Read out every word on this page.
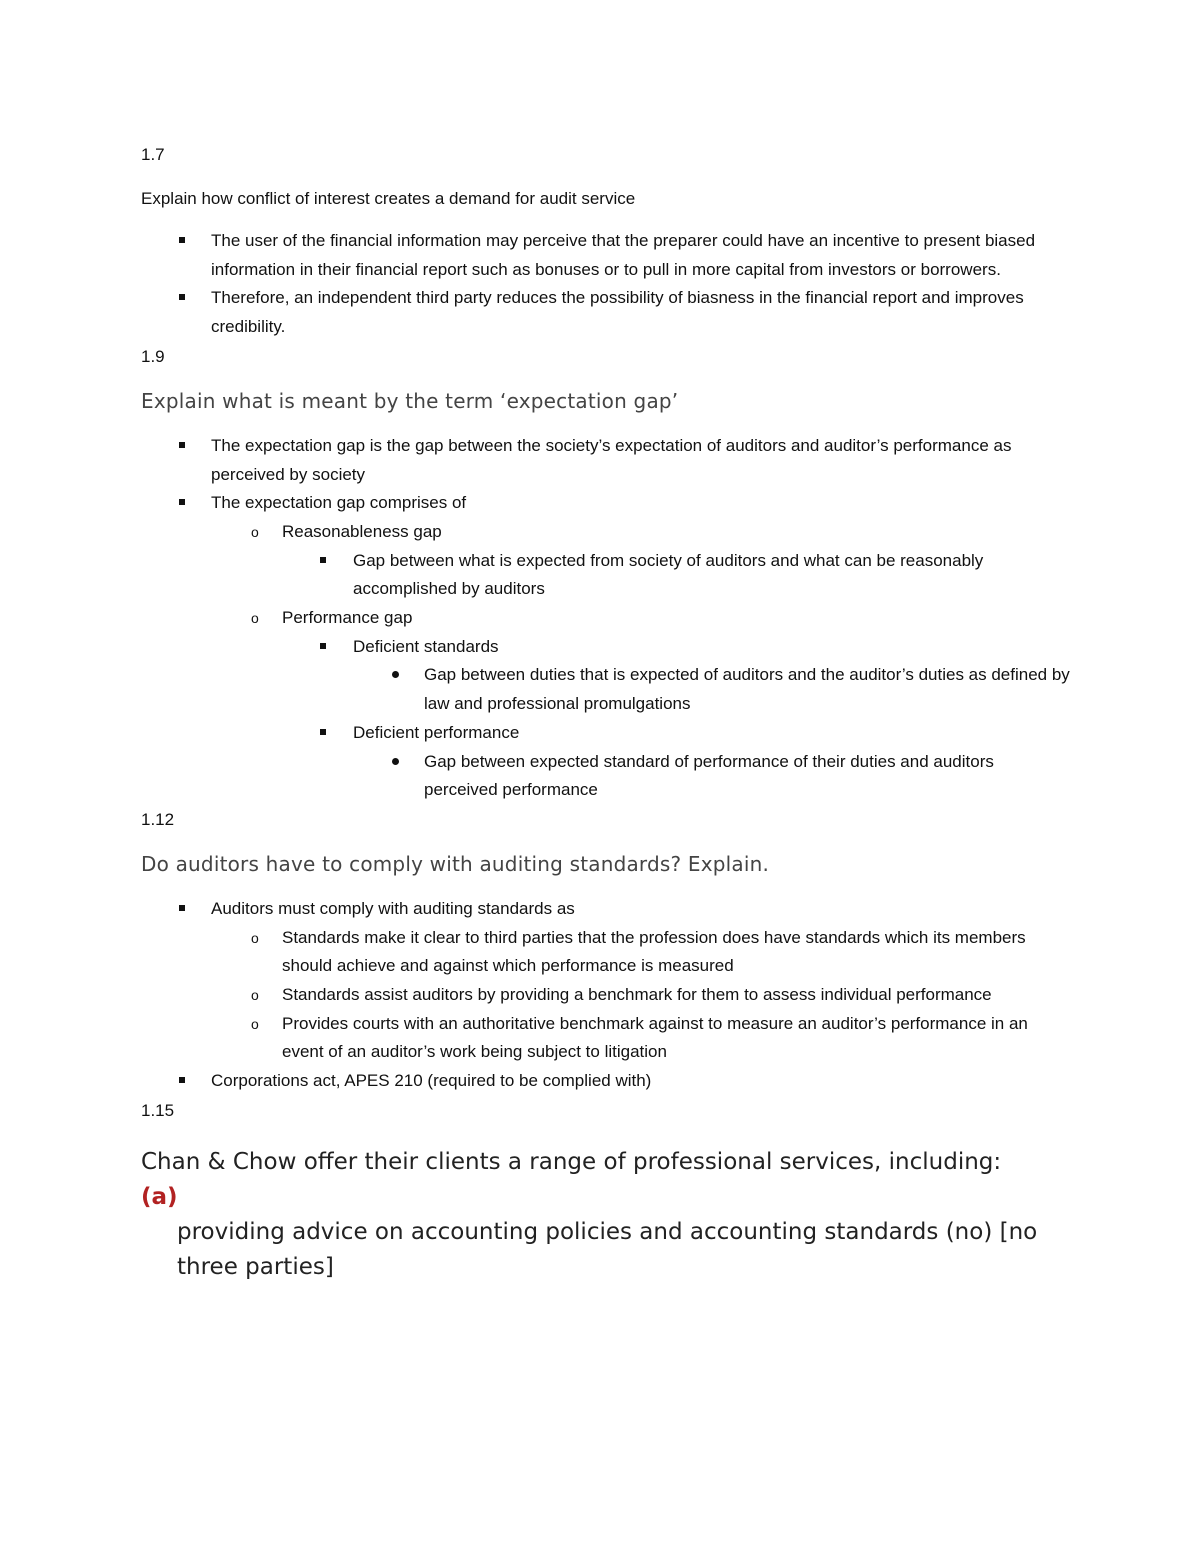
1.7

Explain how conflict of interest creates a demand for audit service

The user of the financial information may perceive that the preparer could have an incentive to present biased information in their financial report such as bonuses or to pull in more capital from investors or borrowers.
Therefore, an independent third party reduces the possibility of biasness in the financial report and improves credibility.

1.9

Explain what is meant by the term ‘expectation gap’

The expectation gap is the gap between the society’s expectation of auditors and auditor’s performance as perceived by society
The expectation gap comprises of
o Reasonableness gap
Gap between what is expected from society of auditors and what can be reasonably accomplished by auditors
o Performance gap
Deficient standards
Gap between duties that is expected of auditors and the auditor’s duties as defined by law and professional promulgations
Deficient performance
Gap between expected standard of performance of their duties and auditors perceived performance

1.12

Do auditors have to comply with auditing standards? Explain.

Auditors must comply with auditing standards as
o Standards make it clear to third parties that the profession does have standards which its members should achieve and against which performance is measured
o Standards assist auditors by providing a benchmark for them to assess individual performance
o Provides courts with an authoritative benchmark against to measure an auditor’s performance in an event of an auditor’s work being subject to litigation
Corporations act, APES 210 (required to be complied with)

1.15

Chan & Chow offer their clients a range of professional services, including:

(a)

providing advice on accounting policies and accounting standards (no) [no three parties]
